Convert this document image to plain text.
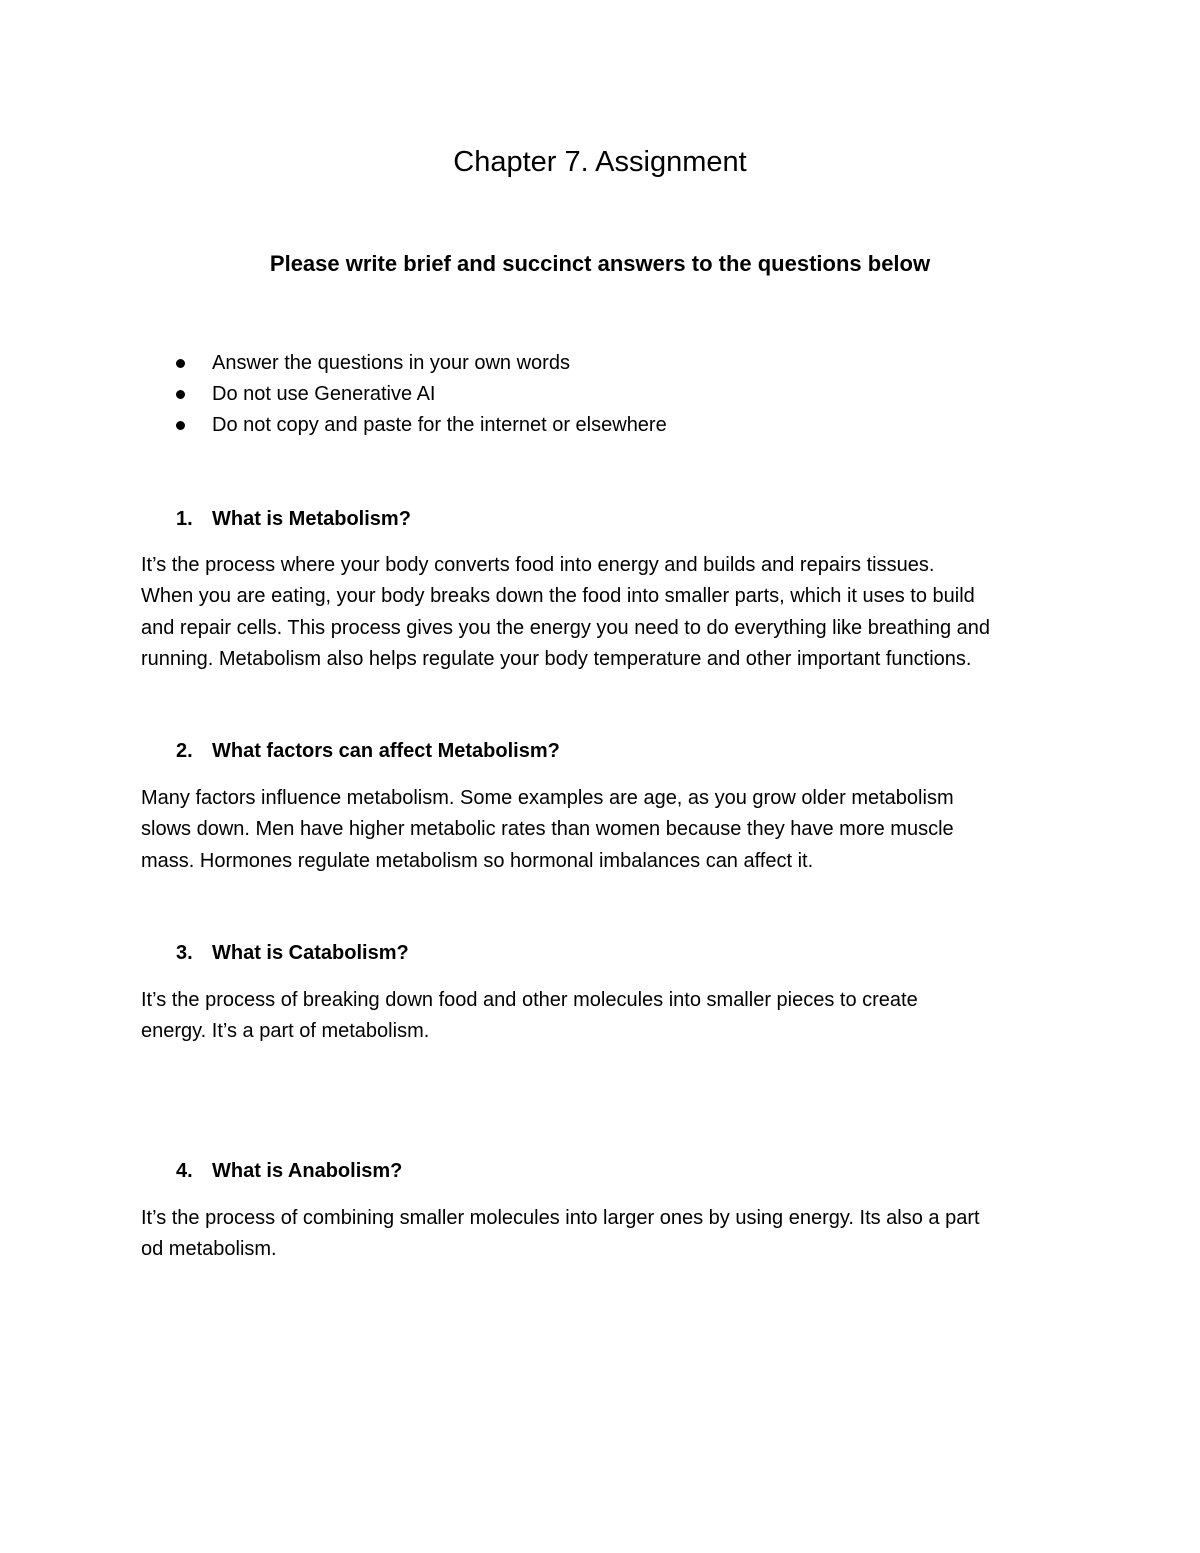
Chapter 7. Assignment
Please write brief and succinct answers to the questions below
Answer the questions in your own words
Do not use Generative AI
Do not copy and paste for the internet or elsewhere
1. What is Metabolism?
It’s the process where your body converts food into energy and builds and repairs tissues.
When you are eating, your body breaks down the food into smaller parts, which it uses to build
and repair cells. This process gives you the energy you need to do everything like breathing and
running. Metabolism also helps regulate your body temperature and other important functions.
2. What factors can affect Metabolism?
Many factors influence metabolism. Some examples are age, as you grow older metabolism
slows down. Men have higher metabolic rates than women because they have more muscle
mass. Hormones regulate metabolism so hormonal imbalances can affect it.
3. What is Catabolism?
It’s the process of breaking down food and other molecules into smaller pieces to create
energy. It’s a part of metabolism.
4. What is Anabolism?
It’s the process of combining smaller molecules into larger ones by using energy. Its also a part
od metabolism.
